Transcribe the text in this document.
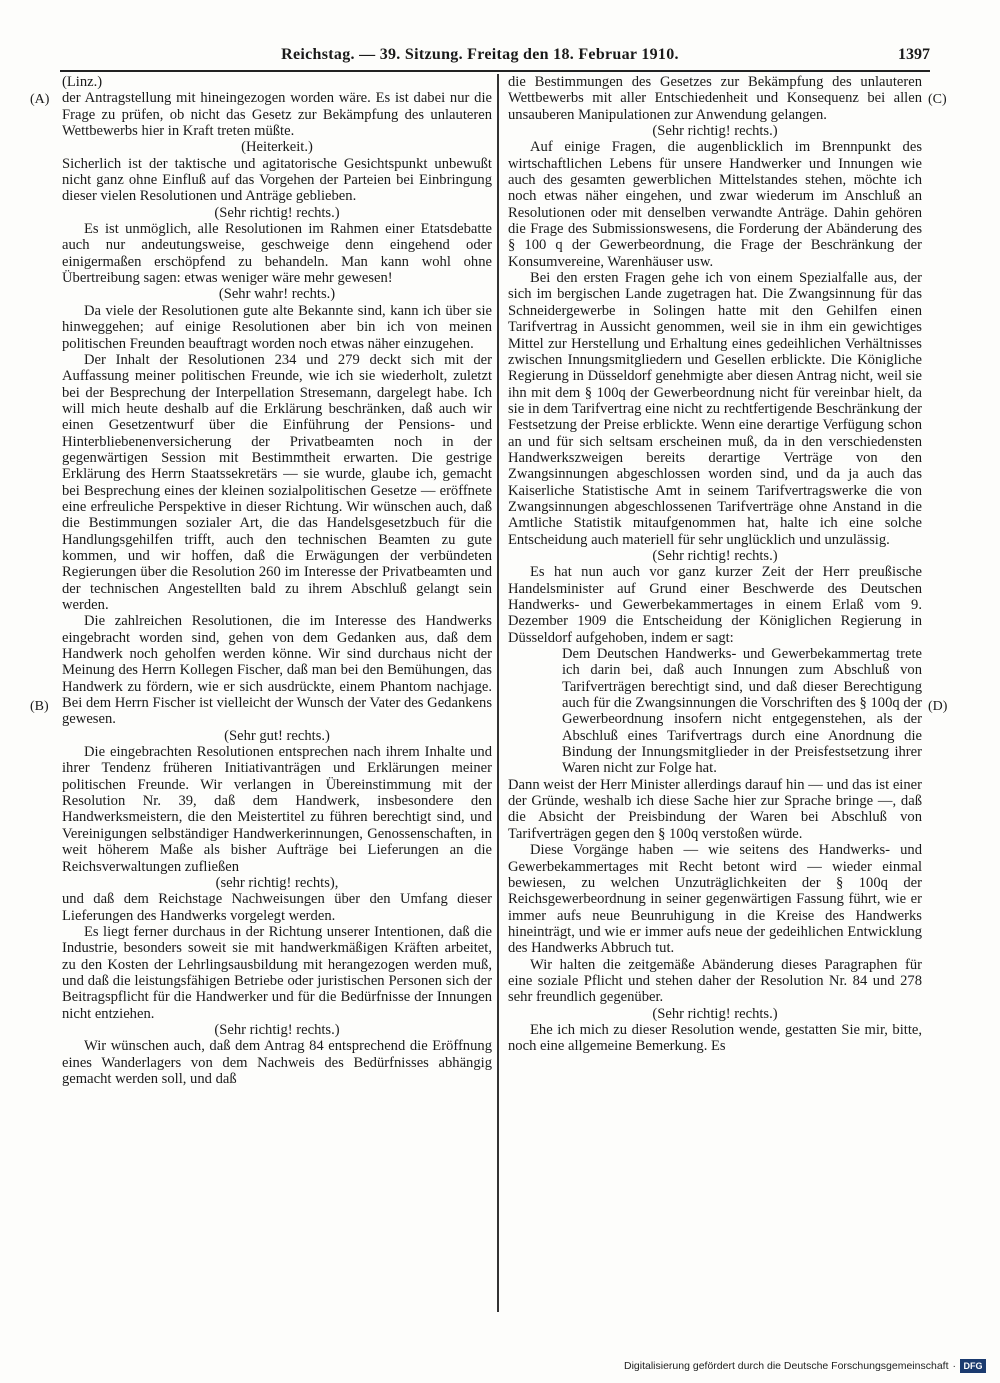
Reichstag. — 39. Sitzung. Freitag den 18. Februar 1910.	1397
(A)
(B)
(C)
(D)

(Linz.)

der Antragstellung mit hineingezogen worden wäre. Es ist dabei nur die Frage zu prüfen, ob nicht das Gesetz zur Bekämpfung des unlauteren Wettbewerbs hier in Kraft treten müßte.

(Heiterkeit.)

Sicherlich ist der taktische und agitatorische Gesichtspunkt unbewußt nicht ganz ohne Einfluß auf das Vorgehen der Parteien bei Einbringung dieser vielen Resolutionen und Anträge geblieben.

(Sehr richtig! rechts.)

Es ist unmöglich, alle Resolutionen im Rahmen einer Etatsdebatte auch nur andeutungsweise, geschweige denn eingehend oder einigermaßen erschöpfend zu behandeln. Man kann wohl ohne Übertreibung sagen: etwas weniger wäre mehr gewesen!

(Sehr wahr! rechts.)

Da viele der Resolutionen gute alte Bekannte sind, kann ich über sie hinweggehen; auf einige Resolutionen aber bin ich von meinen politischen Freunden beauftragt worden noch etwas näher einzugehen.

Der Inhalt der Resolutionen 234 und 279 deckt sich mit der Auffassung meiner politischen Freunde, wie ich sie wiederholt, zuletzt bei der Besprechung der Interpellation Stresemann, dargelegt habe. Ich will mich heute deshalb auf die Erklärung beschränken, daß auch wir einen Gesetzentwurf über die Einführung der Pensions- und Hinterbliebenenversicherung der Privatbeamten noch in der gegenwärtigen Session mit Bestimmtheit erwarten. Die gestrige Erklärung des Herrn Staatssekretärs — sie wurde, glaube ich, gemacht bei Besprechung eines der kleinen sozialpolitischen Gesetze — eröffnete eine erfreuliche Perspektive in dieser Richtung. Wir wünschen auch, daß die Bestimmungen sozialer Art, die das Handelsgesetzbuch für die Handlungsgehilfen trifft, auch den technischen Beamten zu gute kommen, und wir hoffen, daß die Erwägungen der verbündeten Regierungen über die Resolution 260 im Interesse der Privatbeamten und der technischen Angestellten bald zu ihrem Abschluß gelangt sein werden.

Die zahlreichen Resolutionen, die im Interesse des Handwerks eingebracht worden sind, gehen von dem Gedanken aus, daß dem Handwerk noch geholfen werden könne. Wir sind durchaus nicht der Meinung des Herrn Kollegen Fischer, daß man bei den Bemühungen, das Handwerk zu fördern, wie er sich ausdrückte, einem Phantom nachjage. Bei dem Herrn Fischer ist vielleicht der Wunsch der Vater des Gedankens gewesen.

(Sehr gut! rechts.)

Die eingebrachten Resolutionen entsprechen nach ihrem Inhalte und ihrer Tendenz früheren Initiativanträgen und Erklärungen meiner politischen Freunde. Wir verlangen in Übereinstimmung mit der Resolution Nr. 39, daß dem Handwerk, insbesondere den Handwerksmeistern, die den Meistertitel zu führen berechtigt sind, und Vereinigungen selbständiger Handwerkerinnungen, Genossenschaften, in weit höherem Maße als bisher Aufträge bei Lieferungen an die Reichsverwaltungen zufließen

(sehr richtig! rechts),

und daß dem Reichstage Nachweisungen über den Umfang dieser Lieferungen des Handwerks vorgelegt werden.

Es liegt ferner durchaus in der Richtung unserer Intentionen, daß die Industrie, besonders soweit sie mit handwerkmäßigen Kräften arbeitet, zu den Kosten der Lehrlingsausbildung mit herangezogen werden muß, und daß die leistungsfähigen Betriebe oder juristischen Personen sich der Beitragspflicht für die Handwerker und für die Bedürfnisse der Innungen nicht entziehen.

(Sehr richtig! rechts.)

Wir wünschen auch, daß dem Antrag 84 entsprechend die Eröffnung eines Wanderlagers von dem Nachweis des Bedürfnisses abhängig gemacht werden soll, und daß

die Bestimmungen des Gesetzes zur Bekämpfung des unlauteren Wettbewerbs mit aller Entschiedenheit und Konsequenz bei allen unsauberen Manipulationen zur Anwendung gelangen.

(Sehr richtig! rechts.)

Auf einige Fragen, die augenblicklich im Brennpunkt des wirtschaftlichen Lebens für unsere Handwerker und Innungen wie auch des gesamten gewerblichen Mittelstandes stehen, möchte ich noch etwas näher eingehen, und zwar wiederum im Anschluß an Resolutionen oder mit denselben verwandte Anträge. Dahin gehören die Frage des Submissionswesens, die Forderung der Abänderung des § 100 q der Gewerbeordnung, die Frage der Beschränkung der Konsumvereine, Warenhäuser usw.

Bei den ersten Fragen gehe ich von einem Spezialfalle aus, der sich im bergischen Lande zugetragen hat. Die Zwangsinnung für das Schneidergewerbe in Solingen hatte mit den Gehilfen einen Tarifvertrag in Aussicht genommen, weil sie in ihm ein gewichtiges Mittel zur Herstellung und Erhaltung eines gedeihlichen Verhältnisses zwischen Innungsmitgliedern und Gesellen erblickte. Die Königliche Regierung in Düsseldorf genehmigte aber diesen Antrag nicht, weil sie ihn mit dem § 100q der Gewerbeordnung nicht für vereinbar hielt, da sie in dem Tarifvertrag eine nicht zu rechtfertigende Beschränkung der Festsetzung der Preise erblickte. Wenn eine derartige Verfügung schon an und für sich seltsam erscheinen muß, da in den verschiedensten Handwerkszweigen bereits derartige Verträge von den Zwangsinnungen abgeschlossen worden sind, und da ja auch das Kaiserliche Statistische Amt in seinem Tarifvertragswerke die von Zwangsinnungen abgeschlossenen Tarifverträge ohne Anstand in die Amtliche Statistik mitaufgenommen hat, halte ich eine solche Entscheidung auch materiell für sehr unglücklich und unzulässig.

(Sehr richtig! rechts.)

Es hat nun auch vor ganz kurzer Zeit der Herr preußische Handelsminister auf Grund einer Beschwerde des Deutschen Handwerks- und Gewerbekammertages in einem Erlaß vom 9. Dezember 1909 die Entscheidung der Königlichen Regierung in Düsseldorf aufgehoben, indem er sagt:

Dem Deutschen Handwerks- und Gewerbekammertag trete ich darin bei, daß auch Innungen zum Abschluß von Tarifverträgen berechtigt sind, und daß dieser Berechtigung auch für die Zwangsinnungen die Vorschriften des § 100q der Gewerbeordnung insofern nicht entgegenstehen, als der Abschluß eines Tarifvertrags durch eine Anordnung die Bindung der Innungsmitglieder in der Preisfestsetzung ihrer Waren nicht zur Folge hat.

Dann weist der Herr Minister allerdings darauf hin — und das ist einer der Gründe, weshalb ich diese Sache hier zur Sprache bringe —, daß die Absicht der Preisbindung der Waren bei Abschluß von Tarifverträgen gegen den § 100q verstoßen würde.

Diese Vorgänge haben — wie seitens des Handwerks- und Gewerbekammertages mit Recht betont wird — wieder einmal bewiesen, zu welchen Unzuträglichkeiten der § 100q der Reichsgewerbeordnung in seiner gegenwärtigen Fassung führt, wie er immer aufs neue Beunruhigung in die Kreise des Handwerks hineinträgt, und wie er immer aufs neue der gedeihlichen Entwicklung des Handwerks Abbruch tut.

Wir halten die zeitgemäße Abänderung dieses Paragraphen für eine soziale Pflicht und stehen daher der Resolution Nr. 84 und 278 sehr freundlich gegenüber.

(Sehr richtig! rechts.)

Ehe ich mich zu dieser Resolution wende, gestatten Sie mir, bitte, noch eine allgemeine Bemerkung. Es

Digitalisierung gefördert durch die Deutsche Forschungsgemeinschaft · DFG
